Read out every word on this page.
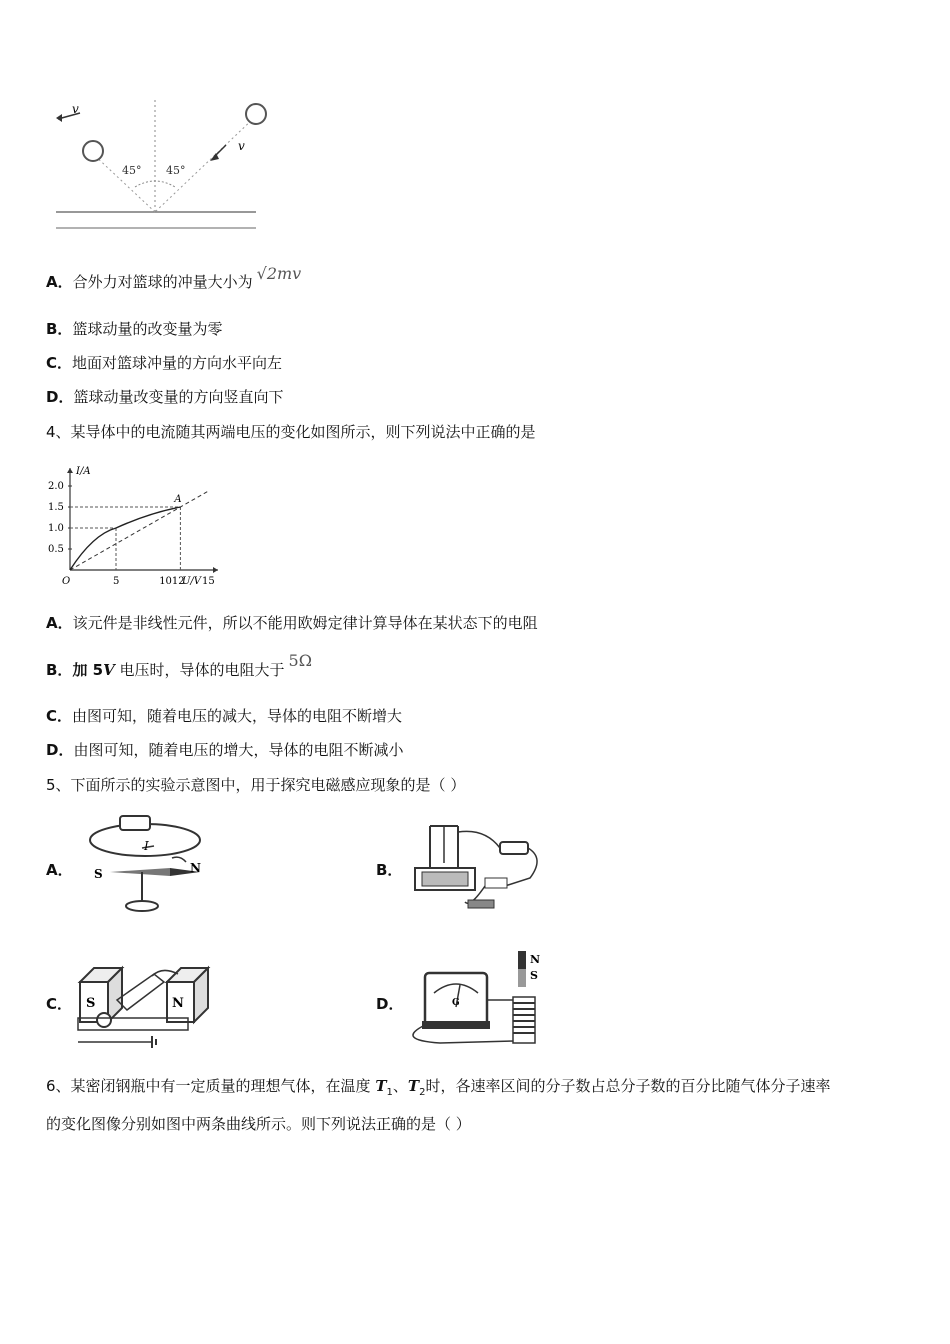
v
v
45° 45°
A．合外力对篮球的冲量大小为 √2mv
B．篮球动量的改变量为零
C．地面对篮球冲量的方向水平向左
D．篮球动量改变量的方向竖直向下
4、某导体中的电流随其两端电压的变化如图所示，则下列说法中正确的是
I/A
U/V
O
2.0
1.5
1.0
0.5
5	1012 15
A
A．该元件是非线性元件，所以不能用欧姆定律计算导体在某状态下的电阻
B．加 5V 电压时，导体的电阻大于 5Ω
C．由图可知，随着电压的减大，导体的电阻不断增大
D．由图可知，随着电压的增大，导体的电阻不断减小
5、下面所示的实验示意图中，用于探究电磁感应现象的是（ ）
A． S	N
I
B．
C． S	N	D．	G
N
S
6、某密闭钢瓶中有一定质量的理想气体，在温度 $T_1$、$T_2$时，各速率区间的分子数占总分子数的百分比随气体分子速率
的变化图像分别如图中两条曲线所示。则下列说法正确的是（ ）
